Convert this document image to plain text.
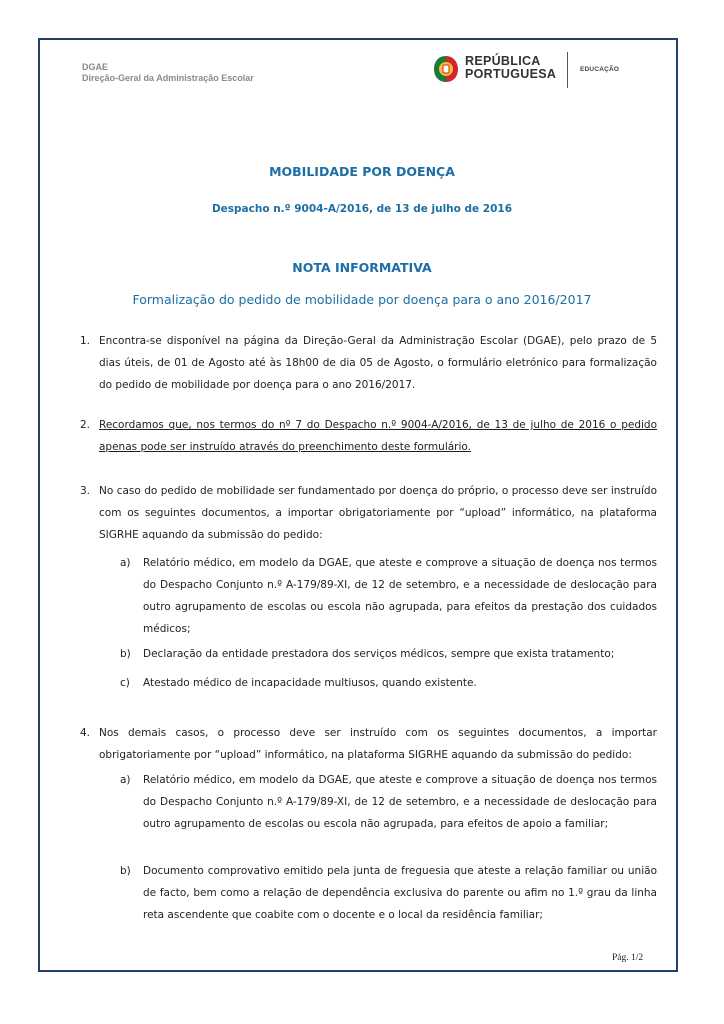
DGAE
Direção-Geral da Administração Escolar
REPÚBLICA
PORTUGUESA	EDUCAÇÃO
MOBILIDADE POR DOENÇA
Despacho n.º 9004-A/2016, de 13 de julho de 2016
NOTA INFORMATIVA
Formalização do pedido de mobilidade por doença para o ano 2016/2017
1. Encontra-se disponível na página da Direção-Geral da Administração Escolar (DGAE), pelo prazo de 5 dias úteis, de 01 de Agosto até às 18h00 de dia 05 de Agosto, o formulário eletrónico para formalização do pedido de mobilidade por doença para o ano 2016/2017.
2. Recordamos que, nos termos do nº 7 do Despacho n.º 9004-A/2016, de 13 de julho de 2016 o pedido apenas pode ser instruído através do preenchimento deste formulário.
3. No caso do pedido de mobilidade ser fundamentado por doença do próprio, o processo deve ser instruído com os seguintes documentos, a importar obrigatoriamente por “upload” informático, na plataforma SIGRHE aquando da submissão do pedido:
a) Relatório médico, em modelo da DGAE, que ateste e comprove a situação de doença nos termos do Despacho Conjunto n.º A-179/89-XI, de 12 de setembro, e a necessidade de deslocação para outro agrupamento de escolas ou escola não agrupada, para efeitos da prestação dos cuidados médicos;
b) Declaração da entidade prestadora dos serviços médicos, sempre que exista tratamento;
c) Atestado médico de incapacidade multiusos, quando existente.
4. Nos demais casos, o processo deve ser instruído com os seguintes documentos, a importar obrigatoriamente por “upload” informático, na plataforma SIGRHE aquando da submissão do pedido:
a) Relatório médico, em modelo da DGAE, que ateste e comprove a situação de doença nos termos do Despacho Conjunto n.º A-179/89-XI, de 12 de setembro, e a necessidade de deslocação para outro agrupamento de escolas ou escola não agrupada, para efeitos de apoio a familiar;
b) Documento comprovativo emitido pela junta de freguesia que ateste a relação familiar ou união de facto, bem como a relação de dependência exclusiva do parente ou afim no 1.º grau da linha reta ascendente que coabite com o docente e o local da residência familiar;
Pág. 1/2
